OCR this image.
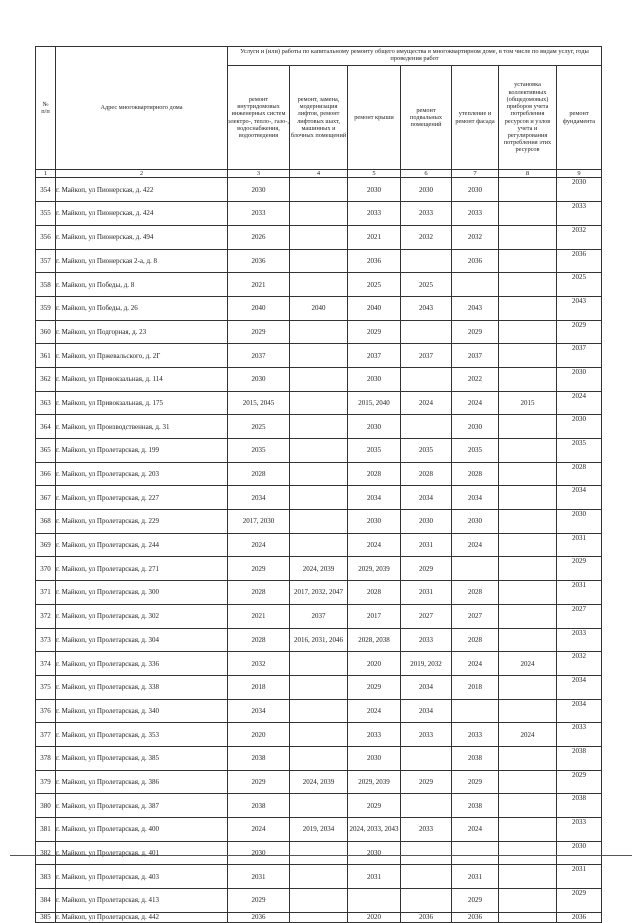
№
п/п	Адрес многоквартирного дома	Услуги и (или) работы по капитальному ремонту общего имущества в многоквартирном доме, в том числе по видам услуг, годы проведения работ						
		ремонт внутридомовых инженерных систем электро-, тепло-, газо-, водоснабжения, водоотведения	ремонт, замена, модернизация лифтов, ремонт лифтовых шахт, машинных и блочных помещений	ремонт крыши	ремонт подвальных помещений	утепление и ремонт фасада	установка коллективных (общедомовых) приборов учета потребления ресурсов и узлов учета и регулирования потребления этих ресурсов	ремонт фундамента
1	2	3	4	5	6	7	8	9
354	г. Майкоп, ул Пионерская, д. 422	2030		2030	2030	2030		2030
355	г. Майкоп, ул Пионерская, д. 424	2033		2033	2033	2033		2033
356	г. Майкоп, ул Пионерская, д. 494	2026		2021	2032	2032		2032
357	г. Майкоп, ул Пионерская 2-а, д. 8	2036		2036		2036		2036
358	г. Майкоп, ул Победы, д. 8	2021		2025	2025			2025
359	г. Майкоп, ул Победы, д. 26	2040	2040	2040	2043	2043		2043
360	г. Майкоп, ул Подгорная, д. 23	2029		2029		2029		2029
361	г. Майкоп, ул Пржевальского, д. 2Г	2037		2037	2037	2037		2037
362	г. Майкоп, ул Привокзальная, д. 114	2030		2030		2022		2030
363	г. Майкоп, ул Привокзальная, д. 175	2015, 2045		2015, 2040	2024	2024	2015	2024
364	г. Майкоп, ул Производственная, д. 31	2025		2030		2030		2030
365	г. Майкоп, ул Пролетарская, д. 199	2035		2035	2035	2035		2035
366	г. Майкоп, ул Пролетарская, д. 203	2028		2028	2028	2028		2028
367	г. Майкоп, ул Пролетарская, д. 227	2034		2034	2034	2034		2034
368	г. Майкоп, ул Пролетарская, д. 229	2017, 2030		2030	2030	2030		2030
369	г. Майкоп, ул Пролетарская, д. 244	2024		2024	2031	2024		2031
370	г. Майкоп, ул Пролетарская, д. 271	2029	2024, 2039	2029, 2039	2029			2029
371	г. Майкоп, ул Пролетарская, д. 300	2028	2017, 2032, 2047	2028	2031	2028		2031
372	г. Майкоп, ул Пролетарская, д. 302	2021	2037	2017	2027	2027		2027
373	г. Майкоп, ул Пролетарская, д. 304	2028	2016, 2031, 2046	2028, 2038	2033	2028		2033
374	г. Майкоп, ул Пролетарская, д. 336	2032		2020	2019, 2032	2024	2024	2032
375	г. Майкоп, ул Пролетарская, д. 338	2018		2029	2034	2018		2034
376	г. Майкоп, ул Пролетарская, д. 340	2034		2024	2034			2034
377	г. Майкоп, ул Пролетарская, д. 353	2020		2033	2033	2033	2024	2033
378	г. Майкоп, ул Пролетарская, д. 385	2038		2030		2038		2038
379	г. Майкоп, ул Пролетарская, д. 386	2029	2024, 2039	2029, 2039	2029	2029		2029
380	г. Майкоп, ул Пролетарская, д. 387	2038		2029		2038		2038
381	г. Майкоп, ул Пролетарская, д. 400	2024	2019, 2034	2024, 2033, 2043	2033	2024		2033
382	г. Майкоп, ул Пролетарская, д. 401	2030		2030				2030
383	г. Майкоп, ул Пролетарская, д. 403	2031		2031		2031		2031
384	г. Майкоп, ул Пролетарская, д. 413	2029				2029		2029
385	г. Майкоп, ул Пролетарская, д. 442	2036		2020	2036	2036		2036
